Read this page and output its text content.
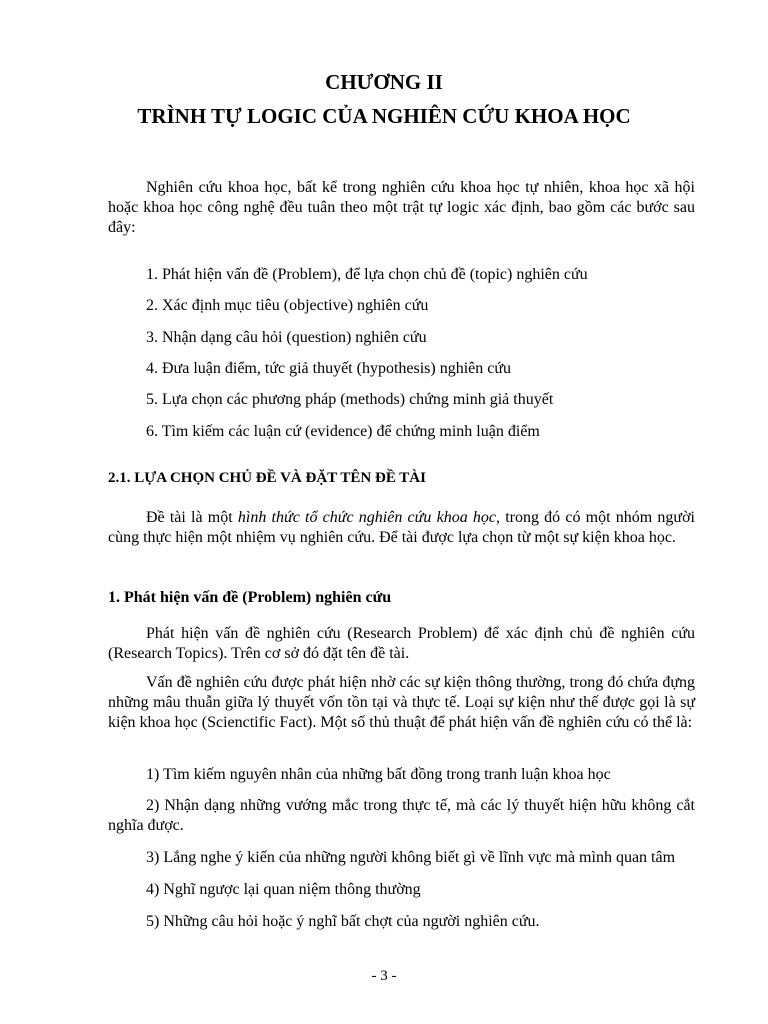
CHƯƠNG II
TRÌNH TỰ LOGIC CỦA NGHIÊN CỨU KHOA HỌC

Nghiên cứu khoa học, bất kể trong nghiên cứu khoa học tự nhiên, khoa học xã hội hoặc khoa học công nghệ đều tuân theo một trật tự logic xác định, bao gồm các bước sau đây:

1. Phát hiện vấn đề (Problem), để lựa chọn chủ đề (topic) nghiên cứu
2. Xác định mục tiêu (objective) nghiên cứu
3. Nhận dạng câu hỏi (question) nghiên cứu
4. Đưa luận điểm, tức giả thuyết (hypothesis) nghiên cứu
5. Lựa chọn các phương pháp (methods) chứng minh giả thuyết
6. Tìm kiếm các luận cứ (evidence) để chứng minh luận điểm
2.1. LỰA CHỌN CHỦ ĐỀ VÀ ĐẶT TÊN ĐỀ TÀI

Đề tài là một hình thức tổ chức nghiên cứu khoa học, trong đó có một nhóm người cùng thực hiện một nhiệm vụ nghiên cứu. Để tài được lựa chọn từ một sự kiện khoa học.

1. Phát hiện vấn đề (Problem) nghiên cứu

Phát hiện vấn đề nghiên cứu (Research Problem) để xác định chủ đề nghiên cứu (Research Topics). Trên cơ sở đó đặt tên đề tài.

Vấn đề nghiên cứu được phát hiện nhờ các sự kiện thông thường, trong đó chứa đựng những mâu thuẫn giữa lý thuyết vốn tồn tại và thực tế. Loại sự kiện như thế được gọi là sự kiện khoa học (Scienctific Fact). Một số thủ thuật để phát hiện vấn đề nghiên cứu có thể là:

1) Tìm kiếm nguyên nhân của những bất đồng trong tranh luận khoa học

2) Nhận dạng những vướng mắc trong thực tế, mà các lý thuyết hiện hữu không cắt nghĩa được.

3) Lắng nghe ý kiến của những người không biết gì về lĩnh vực mà mình quan tâm
4) Nghĩ ngược lại quan niệm thông thường
5) Những câu hỏi hoặc ý nghĩ bất chợt của người nghiên cứu.
- 3 -
